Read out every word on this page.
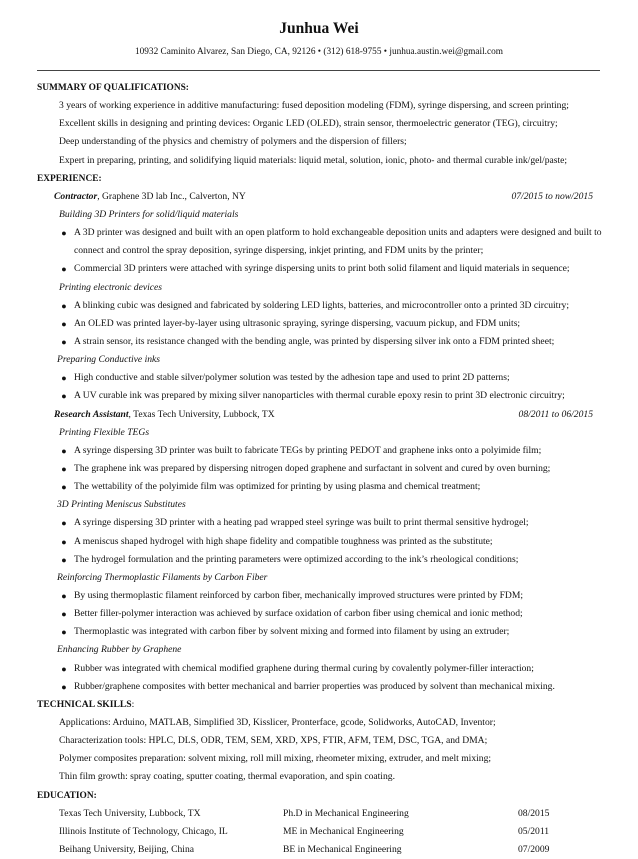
Junhua Wei
10932 Caminito Alvarez, San Diego, CA, 92126 • (312) 618-9755 • junhua.austin.wei@gmail.com
SUMMARY OF QUALIFICATIONS:
3 years of working experience in additive manufacturing: fused deposition modeling (FDM), syringe dispersing, and screen printing;
Excellent skills in designing and printing devices: Organic LED (OLED), strain sensor, thermoelectric generator (TEG), circuitry;
Deep understanding of the physics and chemistry of polymers and the dispersion of fillers;
Expert in preparing, printing, and solidifying liquid materials: liquid metal, solution, ionic, photo- and thermal curable ink/gel/paste;
EXPERIENCE:
Contractor, Graphene 3D lab Inc., Calverton, NY	07/2015 to now/2015
Building 3D Printers for solid/liquid materials
● A 3D printer was designed and built with an open platform to hold exchangeable deposition units and adapters were designed and built to connect and control the spray deposition, syringe dispersing, inkjet printing, and FDM units by the printer;
● Commercial 3D printers were attached with syringe dispersing units to print both solid filament and liquid materials in sequence;
Printing electronic devices
● A blinking cubic was designed and fabricated by soldering LED lights, batteries, and microcontroller onto a printed 3D circuitry;
● An OLED was printed layer-by-layer using ultrasonic spraying, syringe dispersing, vacuum pickup, and FDM units;
● A strain sensor, its resistance changed with the bending angle, was printed by dispersing silver ink onto a FDM printed sheet;
Preparing Conductive inks
● High conductive and stable silver/polymer solution was tested by the adhesion tape and used to print 2D patterns;
● A UV curable ink was prepared by mixing silver nanoparticles with thermal curable epoxy resin to print 3D electronic circuitry;
Research Assistant, Texas Tech University, Lubbock, TX	08/2011 to 06/2015
Printing Flexible TEGs
● A syringe dispersing 3D printer was built to fabricate TEGs by printing PEDOT and graphene inks onto a polyimide film;
● The graphene ink was prepared by dispersing nitrogen doped graphene and surfactant in solvent and cured by oven burning;
● The wettability of the polyimide film was optimized for printing by using plasma and chemical treatment;
3D Printing Meniscus Substitutes
● A syringe dispersing 3D printer with a heating pad wrapped steel syringe was built to print thermal sensitive hydrogel;
● A meniscus shaped hydrogel with high shape fidelity and compatible toughness was printed as the substitute;
● The hydrogel formulation and the printing parameters were optimized according to the ink’s rheological conditions;
Reinforcing Thermoplastic Filaments by Carbon Fiber
● By using thermoplastic filament reinforced by carbon fiber, mechanically improved structures were printed by FDM;
● Better filler-polymer interaction was achieved by surface oxidation of carbon fiber using chemical and ionic method;
● Thermoplastic was integrated with carbon fiber by solvent mixing and formed into filament by using an extruder;
Enhancing Rubber by Graphene
● Rubber was integrated with chemical modified graphene during thermal curing by covalently polymer-filler interaction;
● Rubber/graphene composites with better mechanical and barrier properties was produced by solvent than mechanical mixing.
TECHNICAL SKILLS:
Applications: Arduino, MATLAB, Simplified 3D, Kisslicer, Pronterface, gcode, Solidworks, AutoCAD, Inventor;
Characterization tools: HPLC, DLS, ODR, TEM, SEM, XRD, XPS, FTIR, AFM, TEM, DSC, TGA, and DMA;
Polymer composites preparation: solvent mixing, roll mill mixing, rheometer mixing, extruder, and melt mixing;
Thin film growth: spray coating, sputter coating, thermal evaporation, and spin coating.
EDUCATION:
Texas Tech University, Lubbock, TX	Ph.D in Mechanical Engineering	08/2015
Illinois Institute of Technology, Chicago, IL	ME in Mechanical Engineering	05/2011
Beihang University, Beijing, China	BE in Mechanical Engineering	07/2009
